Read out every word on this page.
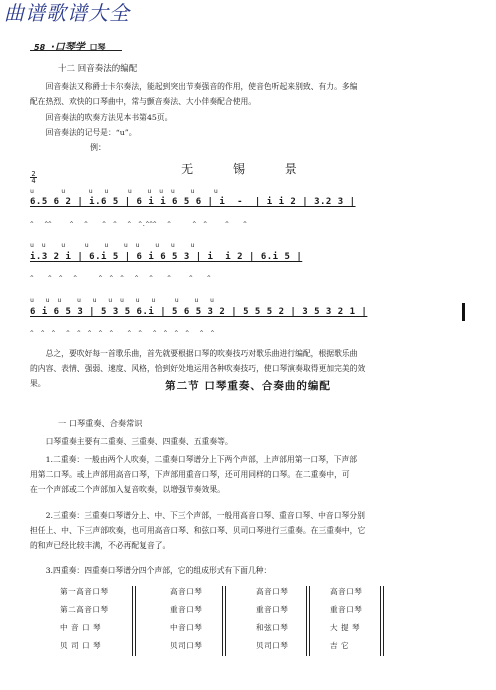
曲谱歌谱大全
58 ·口琴学 口琴
十二 回音奏法的编配
回音奏法又称爵士卡尔奏法，能起到突出节奏强音的作用，使音色听起来别致、有力。多编
配在热烈、欢快的口琴曲中，常与颤音奏法、大小伴奏配合使用。
回音奏法的吹奏方法见本书第45页。
回音奏法的记号是：“u”。
例：
无 锡 景
2
4
u       u      u   u     u    u  u  u    u     u
6.5 6 2 | i.6 5 | 6 i i 6 5 6 | i  -  | i i 2 | 3.2 3 |
^   ^^     ^   ^    ^  ^   ^  ^.^^^   ^      ^  ^     ^    ^
u  u    u     u    u    u  u    u   u    u
i.3 2 i | 6.i 5 | 6 i 6 5 3 | i  i 2 | 6.i 5 |
^    ^  ^   ^      ^  ^  ^   ^   ^    ^     ^    ^
u   u  u    u   u   u  u   u   u     u    u   u
6 i 6 5 3 | 5 3 5 6.i | 5 6 5 3 2 | 5 5 5 2 | 3 5 3 2 1 |
^  ^  ^   ^  ^  ^  ^  ^    ^  ^   ^  ^  ^  ^   ^  ^
总之，要吹好每一首歌乐曲，首先就要根据口琴的吹奏技巧对歌乐曲进行编配，根据歌乐曲
的内容、表情、强弱、速度、风格，恰到好处地运用各种吹奏技巧，使口琴演奏取得更加完美的效
果。	第二节 口琴重奏、合奏曲的编配
一 口琴重奏、合奏常识
口琴重奏主要有二重奏、三重奏、四重奏、五重奏等。
1.二重奏：一般由两个人吹奏，二重奏口琴谱分上下两个声部，上声部用第一口琴，下声部
用第二口琴。或上声部用高音口琴，下声部用重音口琴，还可用同样的口琴。在二重奏中，可
在一个声部或二个声部加入复音吹奏，以增强节奏效果。
2.三重奏：三重奏口琴谱分上、中、下三个声部，一般用高音口琴、重音口琴、中音口琴分别
担任上、中、下三声部吹奏，也可用高音口琴、和弦口琴、贝司口琴进行三重奏。在三重奏中，它
的和声已经比较丰满，不必再配复音了。
3.四重奏：四重奏口琴谱分四个声部，它的组成形式有下面几种：
第一高音口琴
第二高音口琴
中 音 口 琴
贝 司 口 琴
高音口琴
重音口琴
中音口琴
贝司口琴
高音口琴
重音口琴
和弦口琴
贝司口琴
高音口琴
重音口琴
大 提 琴
吉 它
